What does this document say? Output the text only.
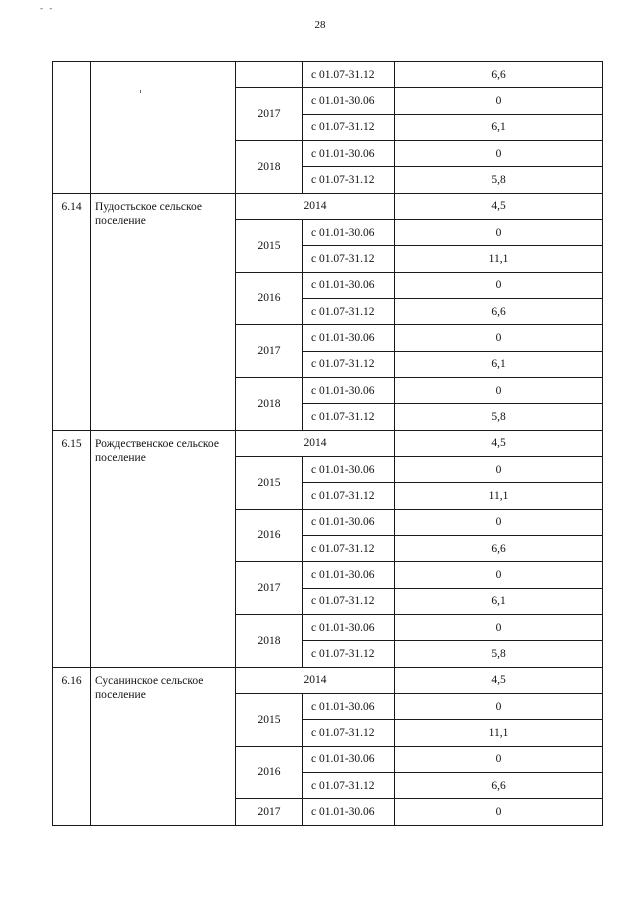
- -
28
			с 01.07-31.12	6,6
		2017	с 01.01-30.06	0
			с 01.07-31.12	6,1
		2018	с 01.01-30.06	0
			с 01.07-31.12	5,8
6.14	Пудостьское сельское поселение	2014		4,5
		2015	с 01.01-30.06	0
			с 01.07-31.12	11,1
		2016	с 01.01-30.06	0
			с 01.07-31.12	6,6
		2017	с 01.01-30.06	0
			с 01.07-31.12	6,1
		2018	с 01.01-30.06	0
			с 01.07-31.12	5,8
6.15	Рождественское сельское поселение	2014		4,5
		2015	с 01.01-30.06	0
			с 01.07-31.12	11,1
		2016	с 01.01-30.06	0
			с 01.07-31.12	6,6
		2017	с 01.01-30.06	0
			с 01.07-31.12	6,1
		2018	с 01.01-30.06	0
			с 01.07-31.12	5,8
6.16	Сусанинское сельское поселение	2014		4,5
		2015	с 01.01-30.06	0
			с 01.07-31.12	11,1
		2016	с 01.01-30.06	0
			с 01.07-31.12	6,6
		2017	с 01.01-30.06	0
